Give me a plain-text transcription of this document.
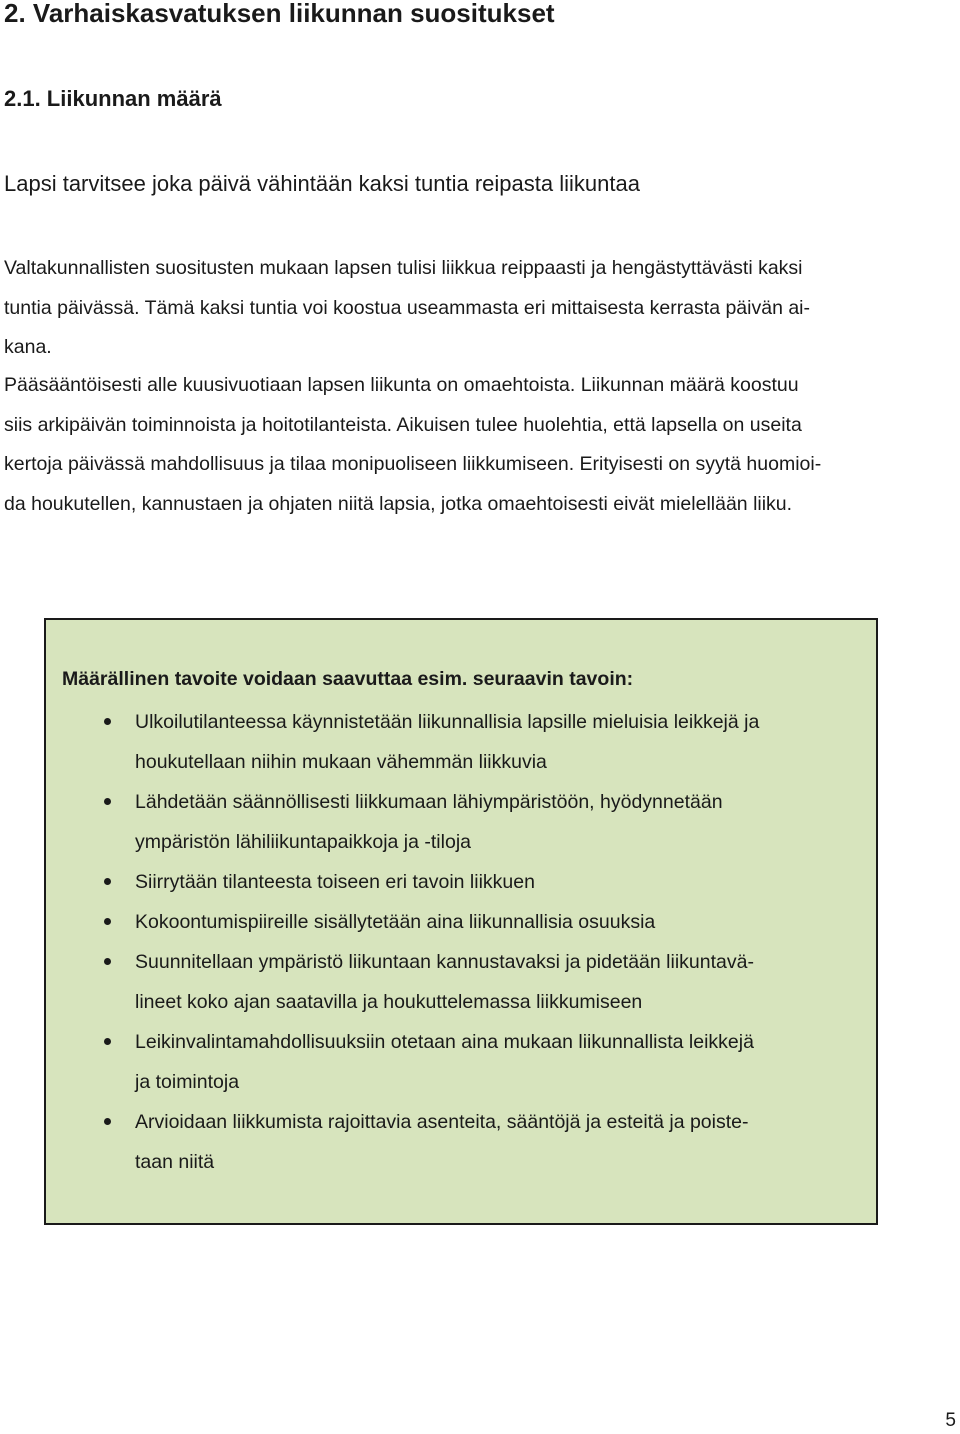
2. Varhaiskasvatuksen liikunnan suositukset
2.1. Liikunnan määrä
Lapsi tarvitsee joka päivä vähintään kaksi tuntia reipasta liikuntaa
Valtakunnallisten suositusten mukaan lapsen tulisi liikkua reippaasti ja hengästyttävästi kaksi
tuntia päivässä. Tämä kaksi tuntia voi koostua useammasta eri mittaisesta kerrasta päivän ai-
kana.
Pääsääntöisesti alle kuusivuotiaan lapsen liikunta on omaehtoista. Liikunnan määrä koostuu
siis arkipäivän toiminnoista ja hoitotilanteista. Aikuisen tulee huolehtia, että lapsella on useita
kertoja päivässä mahdollisuus ja tilaa monipuoliseen liikkumiseen. Erityisesti on syytä huomioi-
da houkutellen, kannustaen ja ohjaten niitä lapsia, jotka omaehtoisesti eivät mielellään liiku.
Määrällinen tavoite voidaan saavuttaa esim. seuraavin tavoin:
Ulkoilutilanteessa käynnistetään liikunnallisia lapsille mieluisia leikkejä ja
houkutellaan niihin mukaan vähemmän liikkuvia
Lähdetään säännöllisesti liikkumaan lähiympäristöön, hyödynnetään
ympäristön lähiliikuntapaikkoja ja -tiloja
Siirrytään tilanteesta toiseen eri tavoin liikkuen
Kokoontumispiireille sisällytetään aina liikunnallisia osuuksia
Suunnitellaan ympäristö liikuntaan kannustavaksi ja pidetään liikuntavä-
lineet koko ajan saatavilla ja houkuttelemassa liikkumiseen
Leikinvalintamahdollisuuksiin otetaan aina mukaan liikunnallista leikkejä
ja toimintoja
Arvioidaan liikkumista rajoittavia asenteita, sääntöjä ja esteitä ja poiste-
taan niitä
5
